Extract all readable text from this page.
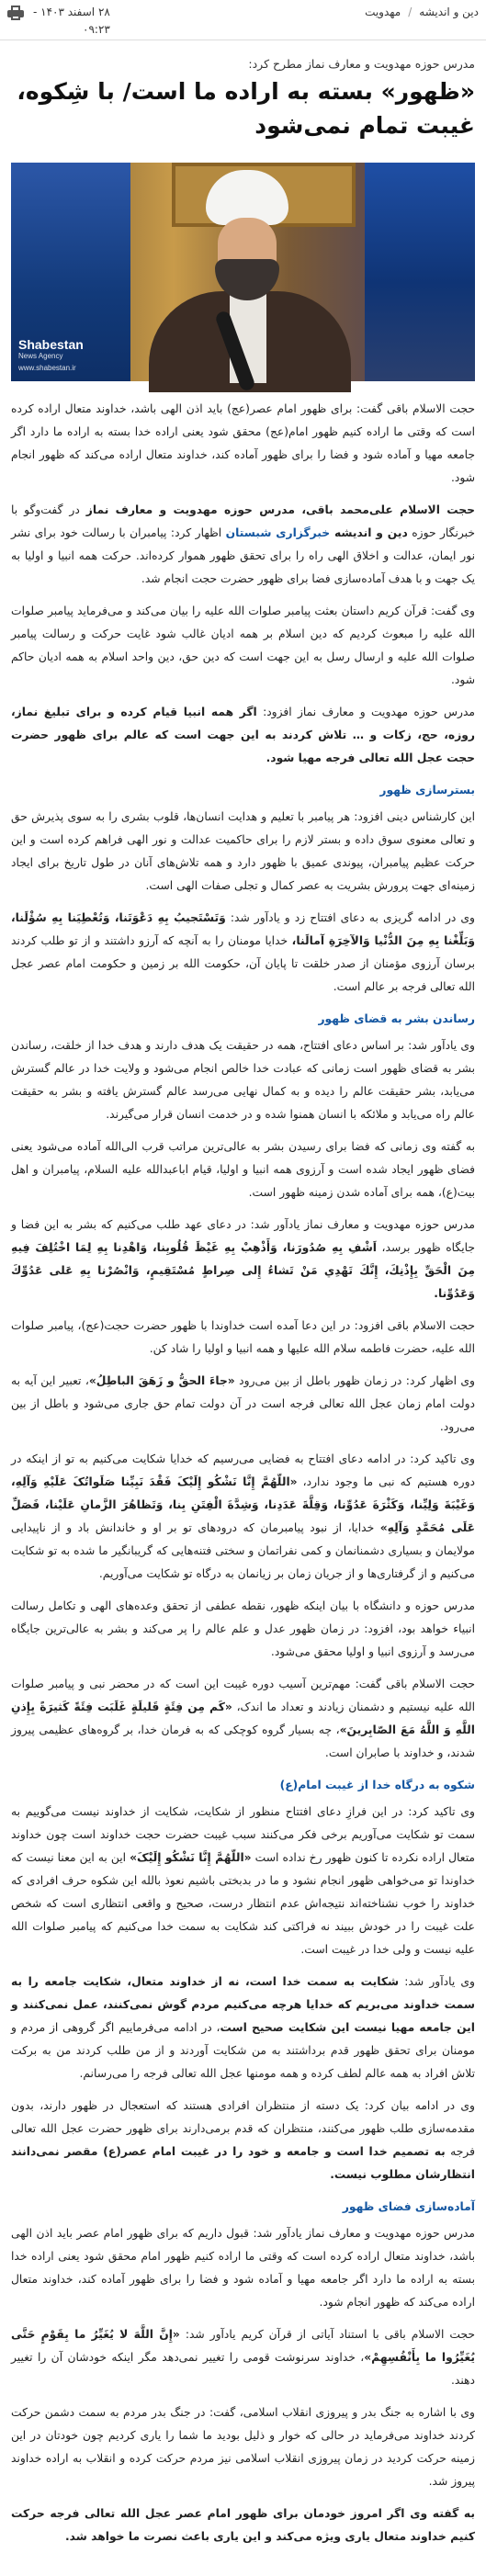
دین و اندیشه
/
مهدویت
۲۸ اسفند ۱۴۰۳ -
۰۹:۲۳
مدرس حوزه مهدویت و معارف نماز مطرح کرد:
«ظهور» بسته به اراده ما است/ با شِکوه، غیبت تمام نمی‌شود
Shabestan
News Agency
www.shabestan.ir

حجت الاسلام باقی گفت: برای ظهور امام عصر(عج) باید اذن الهی باشد، خداوند متعال اراده کرده است که وقتی ما اراده کنیم ظهور امام(عج) محقق شود یعنی اراده خدا بسته به اراده ما دارد اگر جامعه مهیا و آماده شود و فضا را برای ظهور آماده کند، خداوند متعال اراده می‌کند که ظهور انجام شود.

حجت الاسلام علی‌محمد باقی، مدرس حوزه مهدویت و معارف نماز در گفت‌وگو با خبرنگار حوزه دین و اندیشه خبرگزاری شبستان اظهار کرد: پیامبران با رسالت خود برای نشر نور ایمان، عدالت و اخلاق الهی راه را برای تحقق ظهور هموار کرده‌اند. حرکت همه انبیا و اولیا به یک جهت و با هدف آماده‌سازی فضا برای ظهور حضرت حجت انجام شد.

وی گفت: قرآن کریم داستان بعثت پیامبر صلوات الله علیه را بیان می‌کند و می‌فرماید پیامبر صلوات الله علیه را مبعوث کردیم که دین اسلام بر همه ادیان غالب شود غایت حرکت و رسالت پیامبر صلوات الله علیه و ارسال رسل به این جهت است که دین حق، دین واحد اسلام به همه ادیان حاکم شود.

مدرس حوزه مهدویت و معارف نماز افزود: اگر همه انبیا قیام کرده و برای تبلیغ نماز، روزه، حج، زکات و … تلاش کردند به این جهت است که عالم برای ظهور حضرت حجت عجل الله تعالی فرجه مهیا شود.

بسترسازی ظهور

این کارشناس دینی افزود: هر پیامبر با تعلیم و هدایت انسان‌ها، قلوب بشری را به سوی پذیرش حق و تعالی معنوی سوق داده و بستر لازم را برای حاکمیت عدالت و نور الهی فراهم کرده است و این حرکت عظیم پیامبران، پیوندی عمیق با ظهور دارد و همه تلاش‌های آنان در طول تاریخ برای ایجاد زمینه‌ای جهت پرورش بشریت به عصر کمال و تجلی صفات الهی است.

وی در ادامه گریزی به دعای افتتاح زد و یادآور شد: وَتَسْتَجيبُ بِهِ دَعْوَتَنا، وَتُعْطِيَنا بِهِ سُؤْلَنا، وَبَلِّغْنا بِهِ مِنَ الدُّنْيا وَالآخِرَةِ آمالَنا، خدایا مومنان را به آنچه که آرزو داشتند و از تو طلب کردند برسان آرزوی مؤمنان از صدر خلقت تا پایان آن، حکومت الله بر زمین و حکومت امام عصر عجل الله تعالی فرجه بر عالم است.

رساندن بشر به قضای ظهور

وی یادآور شد: بر اساس دعای افتتاح، همه در حقیقت یک هدف دارند و هدف خدا از خلقت، رساندن بشر به قضای ظهور است زمانی که عبادت خدا خالص انجام می‌شود و ولایت خدا در عالم گسترش می‌یابد، بشر حقیقت عالم را دیده و به کمال نهایی می‌رسد عالم گسترش یافته و بشر به حقیقت عالم راه می‌یابد و ملائکه با انسان همنوا شده و در خدمت انسان قرار می‌گیرند.

به گفته وی زمانی که فضا برای رسیدن بشر به عالی‌ترین مراتب قرب الی‌الله آماده می‌شود یعنی فضای ظهور ایجاد شده است و آرزوی همه انبیا و اولیا، قیام اباعبدالله علیه السلام، پیامبران و اهل بیت(ع)، همه برای آماده شدن زمینه ظهور است.

مدرس حوزه مهدویت و معارف نماز یادآور شد: در دعای عهد طلب می‌کنیم که بشر به این فضا و جایگاه ظهور برسد، اَشْفِ بِهِ صُدُورَنا، وَأَذْهِبْ بِهِ غَيْظَ قُلُوبِنا، وَاهْدِنا بِهِ لِمَا اخْتُلِفَ فِيهِ مِنَ الْحَقِّ بِإِذْنِكَ، إِنَّكَ تَهْدِي مَنْ تَشاءُ إِلى صِراطٍ مُسْتَقِيمٍ، وَانْصُرْنا بِهِ عَلى عَدُوِّكَ وَعَدُوِّنا.

حجت الاسلام باقی افزود: در این دعا آمده است خداوندا با ظهور حضرت حجت(عج)، پیامبر صلوات الله علیه، حضرت فاطمه سلام الله علیها و همه انبیا و اولیا را شاد کن.

وی اظهار کرد: در زمان ظهور باطل از بین می‌رود «جاءَ الحقُّ و زَهَقَ الباطِلُ»، تعبیر این آیه به دولت امام زمان عجل الله تعالی فرجه است در آن دولت تمام حق جاری می‌شود و باطل از بین می‌رود.

وی تاکید کرد: در ادامه دعای افتتاح به فضایی می‌رسیم که خدایا شکایت می‌کنیم به تو از اینکه در دوره هستیم که نبی ما وجود ندارد، «اللّهُمَّ إِنَّا نَشْکُو إِلَیْکَ فَقْدَ نَبِیِّنا صَلَواتُکَ عَلَیْهِ وَآلِهِ، وَغَیْبَةَ وَلِیِّنا، وَکَثْرَةَ عَدُوِّنا، وَقِلَّةَ عَدَدِنا، وَشِدَّةَ الْفِتَنِ بِنا، وَتَظاهُرَ الزَّمانِ عَلَیْنا، فَصَلِّ عَلَی مُحَمَّدٍ وَآلِهِ» خدایا، از نبود پیامبرمان که درودهای تو بر او و خاندانش باد و از ناپیدایی مولایمان و بسیاری دشمنانمان و کمی نفراتمان و سختی فتنه‌هایی که گریبانگیر ما شده به تو شکایت می‌کنیم و از گرفتاری‌ها و از جریان زمان بر زیانمان به درگاه تو شکایت می‌آوریم.

مدرس حوزه و دانشگاه با بیان اینکه ظهور، نقطه عطفی از تحقق وعده‌های الهی و تکامل رسالت انبیاء خواهد بود، افزود: در زمان ظهور عدل و علم عالم را پر می‌کند و بشر به عالی‌ترین جایگاه می‌رسد و آرزوی انبیا و اولیا محقق می‌شود.

حجت الاسلام باقی گفت: مهم‌ترین آسیب دوره غیبت این است که در محضر نبی و پیامبر صلوات الله علیه نیستیم و دشمنان زیادند و تعداد ما اندک، «کَم مِن فِئَةٍ قَلیلَةٍ غَلَبَت فِئَةً کَثیرَةً بِإِذنِ اللَّهِ وَ اللَّهُ مَعَ الصّابِرینَ»، چه بسیار گروه کوچکی که به فرمان خدا، بر گروه‌های عظیمی پیروز شدند، و خداوند با صابران است.

شکوه به درگاه خدا از غیبت امام(ع)

وی تاکید کرد: در این فرازِ دعای افتتاح منظور از شکایت، شکایت از خداوند نیست می‌گوییم به سمت تو شکایت می‌آوریم برخی فکر می‌کنند سبب غیبت حضرت حجت خداوند است چون خداوند متعال اراده نکرده تا کنون ظهور رخ نداده است «اللّهُمَّ إِنَّا نَشْکُو إِلَیْکَ» این به این معنا نیست که خداوندا تو می‌خواهی ظهور انجام نشود و ما در بدبختی باشیم نعوذ بالله این شکوه حرف افرادی که خداوند را خوب نشناخته‌اند نتیجه‌اش عدم انتظار درست، صحیح و واقعی انتظاری است که شخص علت غیبت را در خودش ببیند نه فراکتی کند شکایت به سمت خدا می‌کنیم که پیامبر صلوات الله علیه نیست و ولی خدا در غیبت است.

وی یادآور شد: شکایت به سمت خدا است، نه از خداوند متعال، شکایت جامعه را به سمت خداوند می‌بریم که خدایا هرچه می‌کنیم مردم گوش نمی‌کنند، عمل نمی‌کنند و این جامعه مهیا نیست این شکایت صحیح است، در ادامه می‌فرماییم اگر گروهی از مردم و مومنان برای تحقق ظهور قدم برداشتند به من شکایت آوردند و از من طلب کردند من به برکت تلاش افراد به همه عالم لطف کرده و همه مومنها عجل الله تعالی فرجه را می‌رسانم.

وی در ادامه بیان کرد: یک دسته از منتظران افرادی هستند که استعجال در ظهور دارند، بدون مقدمه‌سازی طلب ظهور می‌کنند، منتظران که قدم برمی‌دارند برای ظهور حضرت عجل الله تعالی فرجه به تصمیم خدا است و جامعه و خود را در غیبت امام عصر(ع) مقصر نمی‌دانند انتظارشان مطلوب نیست.

آماده‌سازی فضای ظهور

مدرس حوزه مهدویت و معارف نماز یادآور شد: قبول داریم که برای ظهور امام عصر باید اذن الهی باشد، خداوند متعال اراده کرده است که وقتی ما اراده کنیم ظهور امام محقق شود یعنی اراده خدا بسته به اراده ما دارد اگر جامعه مهیا و آماده شود و فضا را برای ظهور آماده کند، خداوند متعال اراده می‌کند که ظهور انجام شود.

حجت الاسلام باقی با استناد آیاتی از قرآن کریم یادآور شد: «إِنَّ اللَّهَ لا یُغَیِّرُ ما بِقَوْمٍ حَتَّی یُغَیِّرُوا ما بِأَنْفُسِهِمْ»، خداوند سرنوشت قومی را تغییر نمی‌دهد مگر اینکه خودشان آن را تغییر دهند.

وی با اشاره به جنگ بدر و پیروزی انقلاب اسلامی، گفت: در جنگ بدر مردم به سمت دشمن حرکت کردند خداوند می‌فرماید در حالی که خوار و ذلیل بودید ما شما را یاری کردیم چون خودتان در این زمینه حرکت کردید در زمان پیروزی انقلاب اسلامی نیز مردم حرکت کرده و انقلاب به اراده خداوند پیروز شد.

به گفته وی اگر امروز خودمان برای ظهور امام عصر عجل الله تعالی فرجه حرکت کنیم خداوند متعال یاری ویژه می‌کند و این یاری باعث نصرت ما خواهد شد.
